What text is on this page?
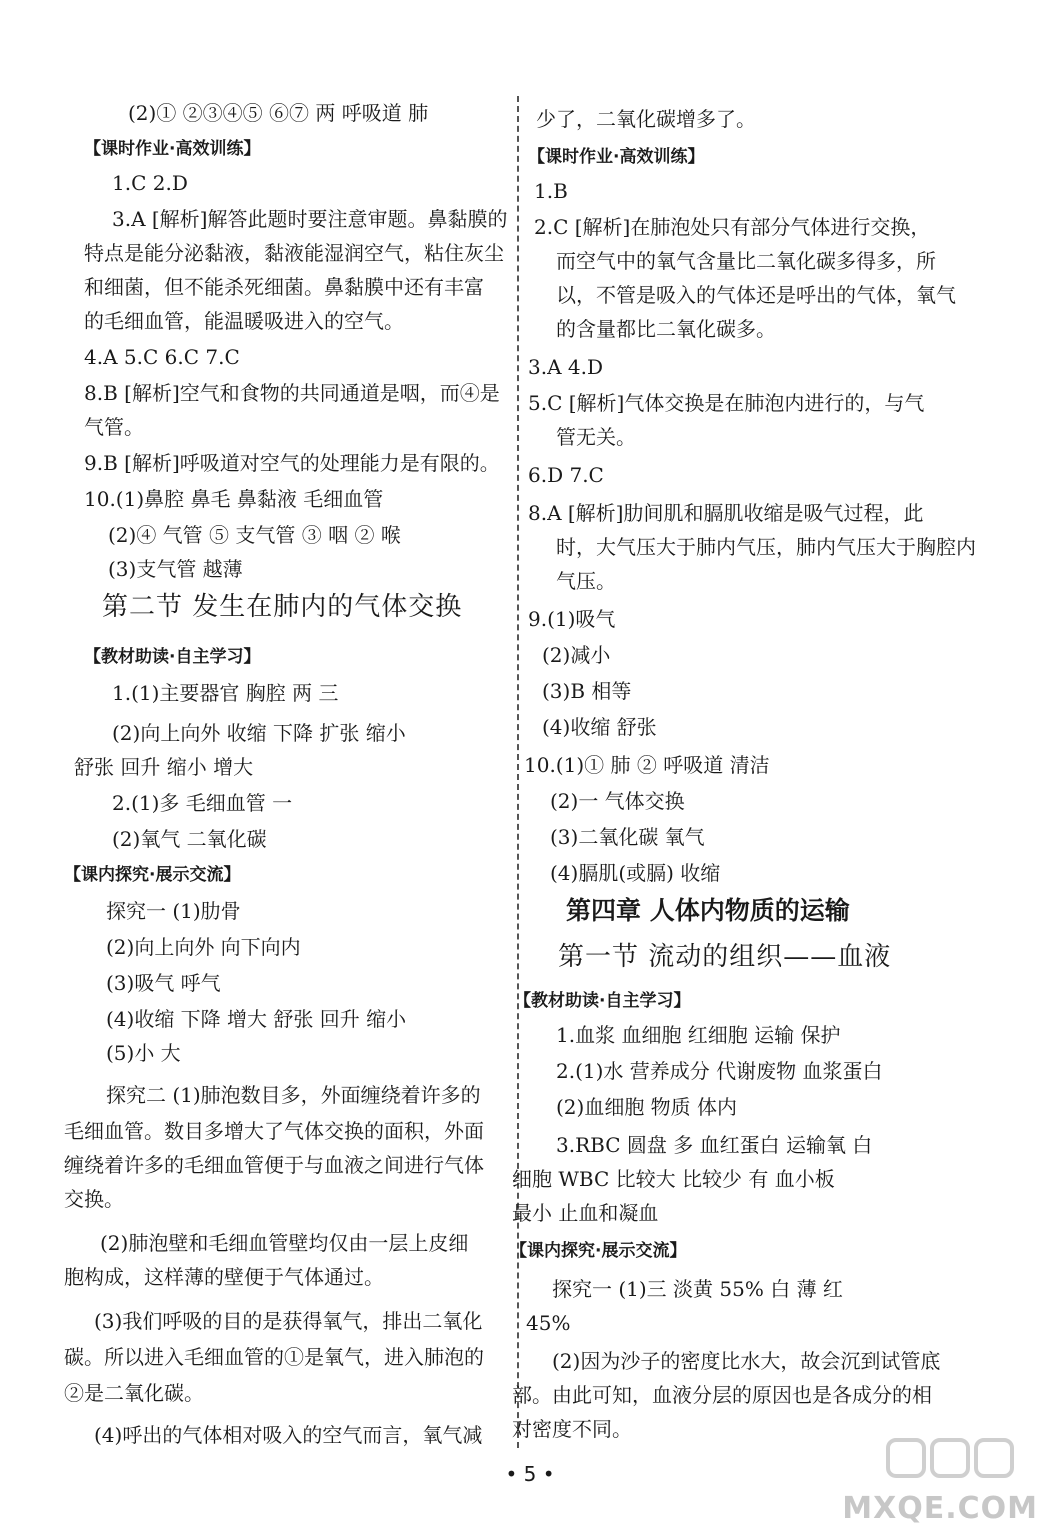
(2)① ②③④⑤ ⑥⑦ 两 呼吸道 肺
【课时作业·高效训练】
1.C 2.D
3.A [解析]解答此题时要注意审题。鼻黏膜的
特点是能分泌黏液，黏液能湿润空气，粘住灰尘
和细菌，但不能杀死细菌。鼻黏膜中还有丰富
的毛细血管，能温暖吸进入的空气。
4.A 5.C 6.C 7.C
8.B [解析]空气和食物的共同通道是咽，而④是
气管。
9.B [解析]呼吸道对空气的处理能力是有限的。
10.(1)鼻腔 鼻毛 鼻黏液 毛细血管
(2)④ 气管 ⑤ 支气管 ③ 咽 ② 喉
(3)支气管 越薄
第二节 发生在肺内的气体交换
【教材助读·自主学习】
1.(1)主要器官 胸腔 两 三
(2)向上向外 收缩 下降 扩张 缩小
舒张 回升 缩小 增大
2.(1)多 毛细血管 一
(2)氧气 二氧化碳
【课内探究·展示交流】
探究一 (1)肋骨
(2)向上向外 向下向内
(3)吸气 呼气
(4)收缩 下降 增大 舒张 回升 缩小
(5)小 大
探究二 (1)肺泡数目多，外面缠绕着许多的
毛细血管。数目多增大了气体交换的面积，外面
缠绕着许多的毛细血管便于与血液之间进行气体
交换。
(2)肺泡壁和毛细血管壁均仅由一层上皮细
胞构成，这样薄的壁便于气体通过。
(3)我们呼吸的目的是获得氧气，排出二氧化
碳。所以进入毛细血管的①是氧气，进入肺泡的
②是二氧化碳。
(4)呼出的气体相对吸入的空气而言，氧气减
少了，二氧化碳增多了。
【课时作业·高效训练】
1.B
2.C [解析]在肺泡处只有部分气体进行交换，
而空气中的氧气含量比二氧化碳多得多，所
以，不管是吸入的气体还是呼出的气体，氧气
的含量都比二氧化碳多。
3.A 4.D
5.C [解析]气体交换是在肺泡内进行的，与气
管无关。
6.D 7.C
8.A [解析]肋间肌和膈肌收缩是吸气过程，此
时，大气压大于肺内气压，肺内气压大于胸腔内
气压。
9.(1)吸气
(2)减小
(3)B 相等
(4)收缩 舒张
10.(1)① 肺 ② 呼吸道 清洁
(2)一 气体交换
(3)二氧化碳 氧气
(4)膈肌(或膈) 收缩
第四章 人体内物质的运输
第一节 流动的组织——血液
【教材助读·自主学习】
1.血浆 血细胞 红细胞 运输 保护
2.(1)水 营养成分 代谢废物 血浆蛋白
(2)血细胞 物质 体内
3.RBC 圆盘 多 血红蛋白 运输氧 白
细胞 WBC 比较大 比较少 有 血小板
最小 止血和凝血
【课内探究·展示交流】
探究一 (1)三 淡黄 55% 白 薄 红
45%
(2)因为沙子的密度比水大，故会沉到试管底
部。由此可知，血液分层的原因也是各成分的相
对密度不同。
• 5 •
MXQE.COM
